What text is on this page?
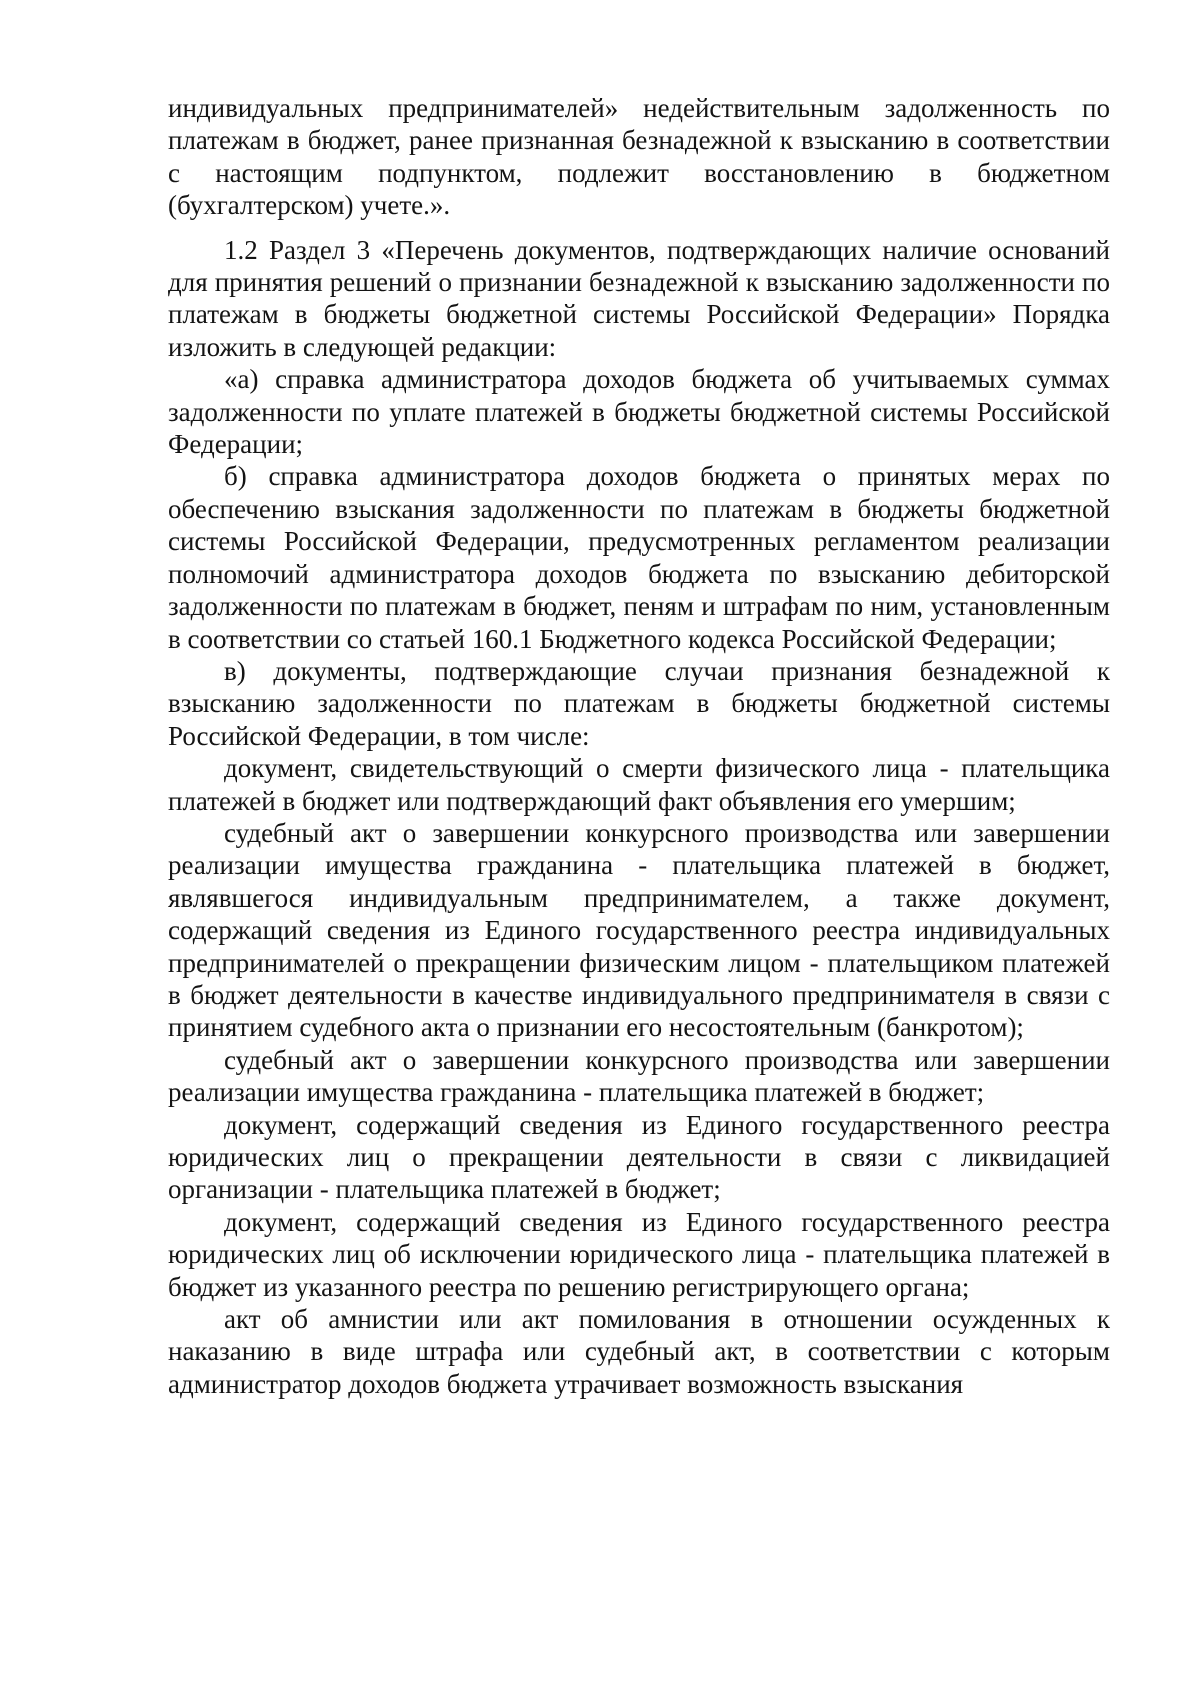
индивидуальных предпринимателей» недействительным задолженность по платежам в бюджет, ранее признанная безнадежной к взысканию в соответствии с настоящим подпунктом, подлежит восстановлению в бюджетном (бухгалтерском) учете.».

1.2 Раздел 3 «Перечень документов, подтверждающих наличие оснований для принятия решений о признании безнадежной к взысканию задолженности по платежам в бюджеты бюджетной системы Российской Федерации» Порядка изложить в следующей редакции:

«а) справка администратора доходов бюджета об учитываемых суммах задолженности по уплате платежей в бюджеты бюджетной системы Российской Федерации;

б) справка администратора доходов бюджета о принятых мерах по обеспечению взыскания задолженности по платежам в бюджеты бюджетной системы Российской Федерации, предусмотренных регламентом реализации полномочий администратора доходов бюджета по взысканию дебиторской задолженности по платежам в бюджет, пеням и штрафам по ним, установленным в соответствии со статьей 160.1 Бюджетного кодекса Российской Федерации;

в) документы, подтверждающие случаи признания безнадежной к взысканию задолженности по платежам в бюджеты бюджетной системы Российской Федерации, в том числе:

документ, свидетельствующий о смерти физического лица - плательщика платежей в бюджет или подтверждающий факт объявления его умершим;

судебный акт о завершении конкурсного производства или завершении реализации имущества гражданина - плательщика платежей в бюджет, являвшегося индивидуальным предпринимателем, а также документ, содержащий сведения из Единого государственного реестра индивидуальных предпринимателей о прекращении физическим лицом - плательщиком платежей в бюджет деятельности в качестве индивидуального предпринимателя в связи с принятием судебного акта о признании его несостоятельным (банкротом);

судебный акт о завершении конкурсного производства или завершении реализации имущества гражданина - плательщика платежей в бюджет;

документ, содержащий сведения из Единого государственного реестра юридических лиц о прекращении деятельности в связи с ликвидацией организации - плательщика платежей в бюджет;

документ, содержащий сведения из Единого государственного реестра юридических лиц об исключении юридического лица - плательщика платежей в бюджет из указанного реестра по решению регистрирующего органа;

акт об амнистии или акт помилования в отношении осужденных к наказанию в виде штрафа или судебный акт, в соответствии с которым администратор доходов бюджета утрачивает возможность взыскания
